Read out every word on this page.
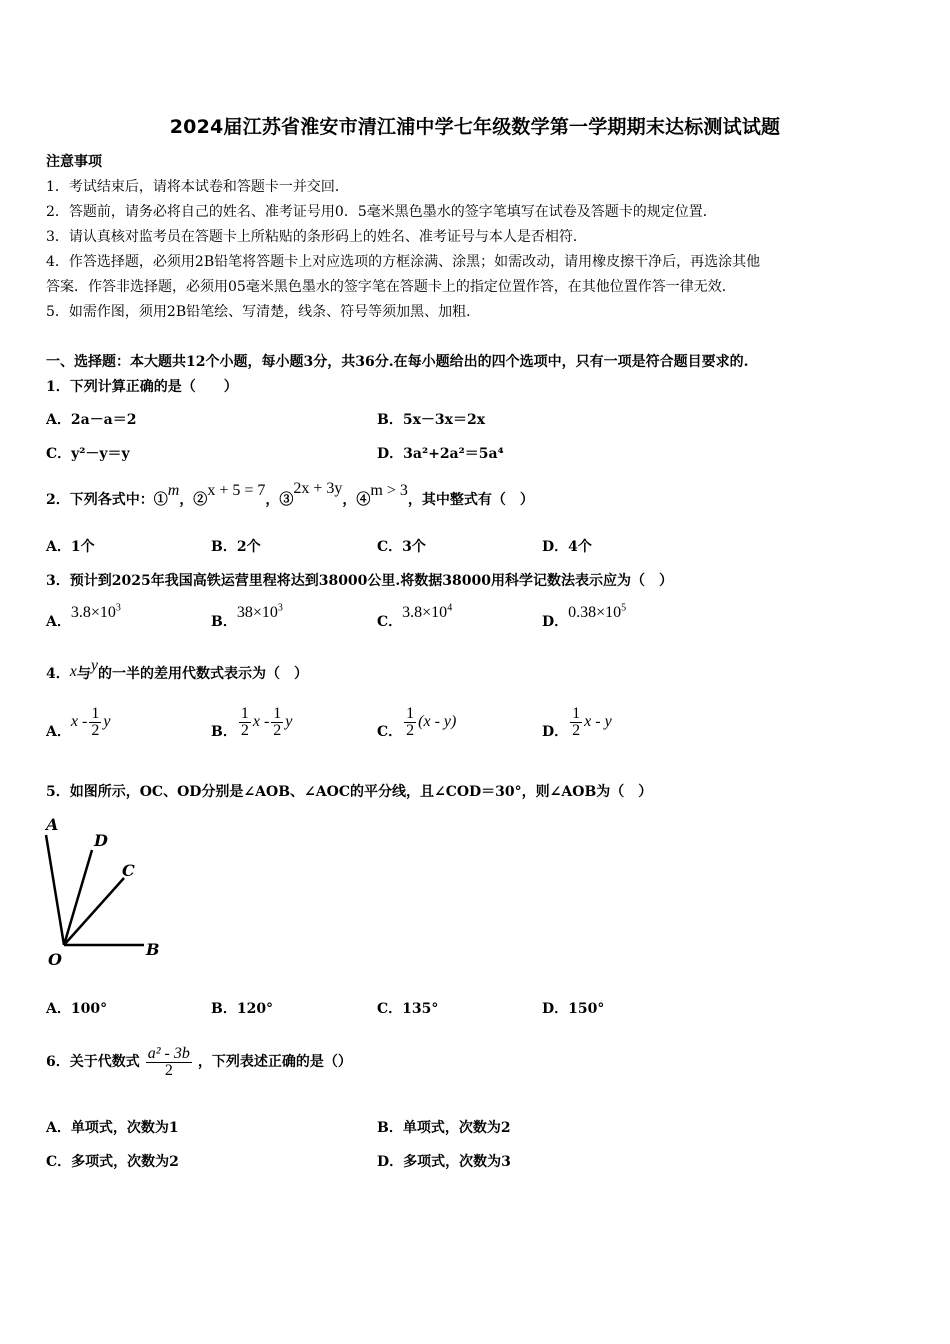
2024届江苏省淮安市清江浦中学七年级数学第一学期期末达标测试试题
注意事项
1．考试结束后，请将本试卷和答题卡一并交回．
2．答题前，请务必将自己的姓名、准考证号用0．5毫米黑色墨水的签字笔填写在试卷及答题卡的规定位置．
3．请认真核对监考员在答题卡上所粘贴的条形码上的姓名、准考证号与本人是否相符．
4．作答选择题，必须用2B铅笔将答题卡上对应选项的方框涂满、涂黑；如需改动，请用橡皮擦干净后，再选涂其他
答案．作答非选择题，必须用05毫米黑色墨水的签字笔在答题卡上的指定位置作答，在其他位置作答一律无效．
5．如需作图，须用2B铅笔绘、写清楚，线条、符号等须加黑、加粗．
一、选择题：本大题共12个小题，每小题3分，共36分.在每小题给出的四个选项中，只有一项是符合题目要求的.
1．下列计算正确的是（　　）
A．2a－a＝2	B．5x－3x＝2x
C．y²－y＝y	D．3a²+2a²＝5a⁴
2．下列各式中：①m，②x + 5 = 7，③2x + 3y，④m > 3，其中整式有（　）
A．1个	B．2个	C．3个	D．4个
3．预计到2025年我国高铁运营里程将达到38000公里.将数据38000用科学记数法表示应为（　）
A．$3.8\times 10^3$
B．$38\times 10^3$
C．$3.8\times 10^4$
D．$0.38\times 10^5$
4．x与y的一半的差用代数式表示为（　）
A．
x
- $\frac{1}{2}$ y
B． $\frac{1}{2}$ x
- $\frac{1}{2}$ y
C． $\frac{1}{2} (x - y)$
D． $\frac{1}{2}$ x
-
y
5．如图所示，OC、OD分别是∠AOB、∠AOC的平分线，且∠COD＝30°，则∠AOB为（　）
A
D
C
O
B
A．100°	B．120°	C．135°	D．150°
6．关于代数式 $\frac{\text{a² - 3b}}{2}$ ，下列表述正确的是（）
A．单项式，次数为1	B．单项式，次数为2
C．多项式，次数为2	D．多项式，次数为3
